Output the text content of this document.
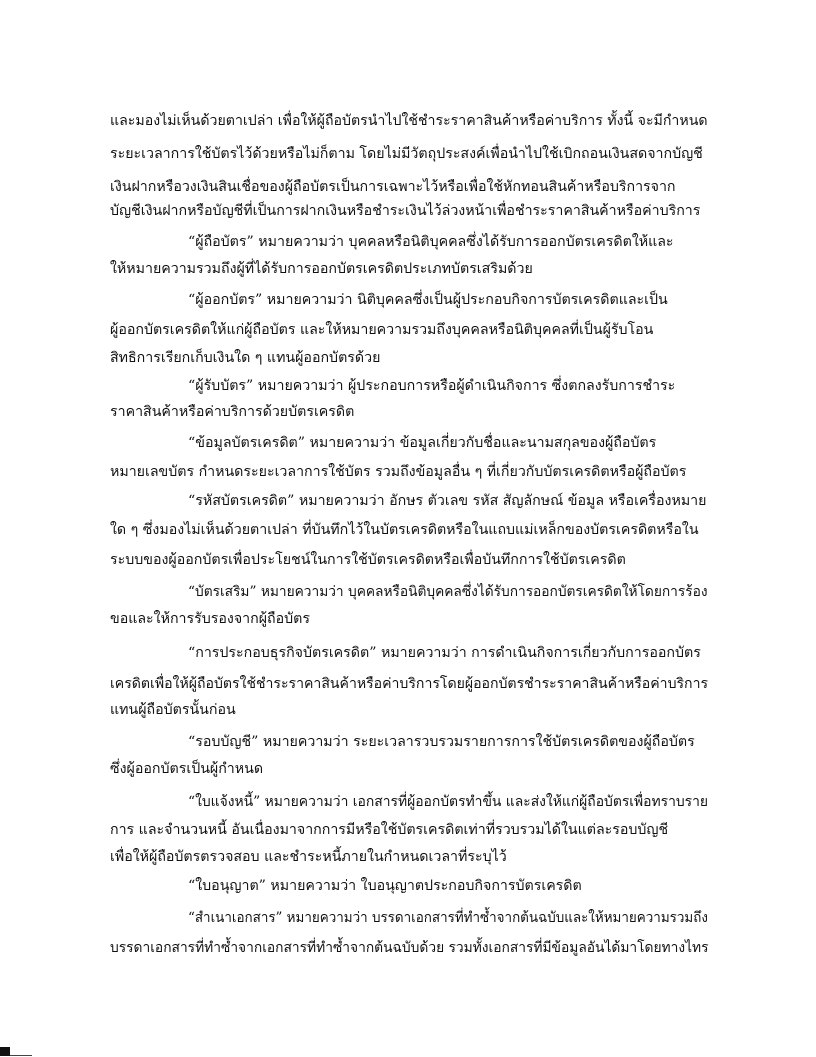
และมองไม่เห็นด้วยตาเปล่า เพื่อให้ผู้ถือบัตรนำไปใช้ชำระราคาสินค้าหรือค่าบริการ ทั้งนี้ จะมีกำหนด
ระยะเวลาการใช้บัตรไว้ด้วยหรือไม่ก็ตาม โดยไม่มีวัตถุประสงค์เพื่อนำไปใช้เบิกถอนเงินสดจากบัญชี
เงินฝากหรือวงเงินสินเชื่อของผู้ถือบัตรเป็นการเฉพาะไว้หรือเพื่อใช้หักทอนสินค้าหรือบริการจาก
บัญชีเงินฝากหรือบัญชีที่เป็นการฝากเงินหรือชำระเงินไว้ล่วงหน้าเพื่อชำระราคาสินค้าหรือค่าบริการ
“ผู้ถือบัตร” หมายความว่า บุคคลหรือนิติบุคคลซึ่งได้รับการออกบัตรเครดิตให้และ
ให้หมายความรวมถึงผู้ที่ได้รับการออกบัตรเครดิตประเภทบัตรเสริมด้วย
“ผู้ออกบัตร” หมายความว่า นิติบุคคลซึ่งเป็นผู้ประกอบกิจการบัตรเครดิตและเป็น
ผู้ออกบัตรเครดิตให้แก่ผู้ถือบัตร และให้หมายความรวมถึงบุคคลหรือนิติบุคคลที่เป็นผู้รับโอน
สิทธิการเรียกเก็บเงินใด ๆ แทนผู้ออกบัตรด้วย
“ผู้รับบัตร” หมายความว่า ผู้ประกอบการหรือผู้ดำเนินกิจการ ซึ่งตกลงรับการชำระ
ราคาสินค้าหรือค่าบริการด้วยบัตรเครดิต
“ข้อมูลบัตรเครดิต” หมายความว่า ข้อมูลเกี่ยวกับชื่อและนามสกุลของผู้ถือบัตร
หมายเลขบัตร กำหนดระยะเวลาการใช้บัตร รวมถึงข้อมูลอื่น ๆ ที่เกี่ยวกับบัตรเครดิตหรือผู้ถือบัตร
“รหัสบัตรเครดิต” หมายความว่า อักษร ตัวเลข รหัส สัญลักษณ์ ข้อมูล หรือเครื่องหมาย
ใด ๆ ซึ่งมองไม่เห็นด้วยตาเปล่า ที่บันทึกไว้ในบัตรเครดิตหรือในแถบแม่เหล็กของบัตรเครดิตหรือใน
ระบบของผู้ออกบัตรเพื่อประโยชน์ในการใช้บัตรเครดิตหรือเพื่อบันทึกการใช้บัตรเครดิต
“บัตรเสริม” หมายความว่า บุคคลหรือนิติบุคคลซึ่งได้รับการออกบัตรเครดิตให้โดยการร้อง
ขอและให้การรับรองจากผู้ถือบัตร
“การประกอบธุรกิจบัตรเครดิต” หมายความว่า การดำเนินกิจการเกี่ยวกับการออกบัตร
เครดิตเพื่อให้ผู้ถือบัตรใช้ชำระราคาสินค้าหรือค่าบริการโดยผู้ออกบัตรชำระราคาสินค้าหรือค่าบริการ
แทนผู้ถือบัตรนั้นก่อน
“รอบบัญชี” หมายความว่า ระยะเวลารวบรวมรายการการใช้บัตรเครดิตของผู้ถือบัตร
ซึ่งผู้ออกบัตรเป็นผู้กำหนด
“ใบแจ้งหนี้” หมายความว่า เอกสารที่ผู้ออกบัตรทำขึ้น และส่งให้แก่ผู้ถือบัตรเพื่อทราบราย
การ และจำนวนหนี้ อันเนื่องมาจากการมีหรือใช้บัตรเครดิตเท่าที่รวบรวมได้ในแต่ละรอบบัญชี
เพื่อให้ผู้ถือบัตรตรวจสอบ และชำระหนี้ภายในกำหนดเวลาที่ระบุไว้
“ใบอนุญาต” หมายความว่า ใบอนุญาตประกอบกิจการบัตรเครดิต
“สำเนาเอกสาร” หมายความว่า บรรดาเอกสารที่ทำซ้ำจากต้นฉบับและให้หมายความรวมถึง
บรรดาเอกสารที่ทำซ้ำจากเอกสารที่ทำซ้ำจากต้นฉบับด้วย รวมทั้งเอกสารที่มีข้อมูลอันได้มาโดยทางไทร
